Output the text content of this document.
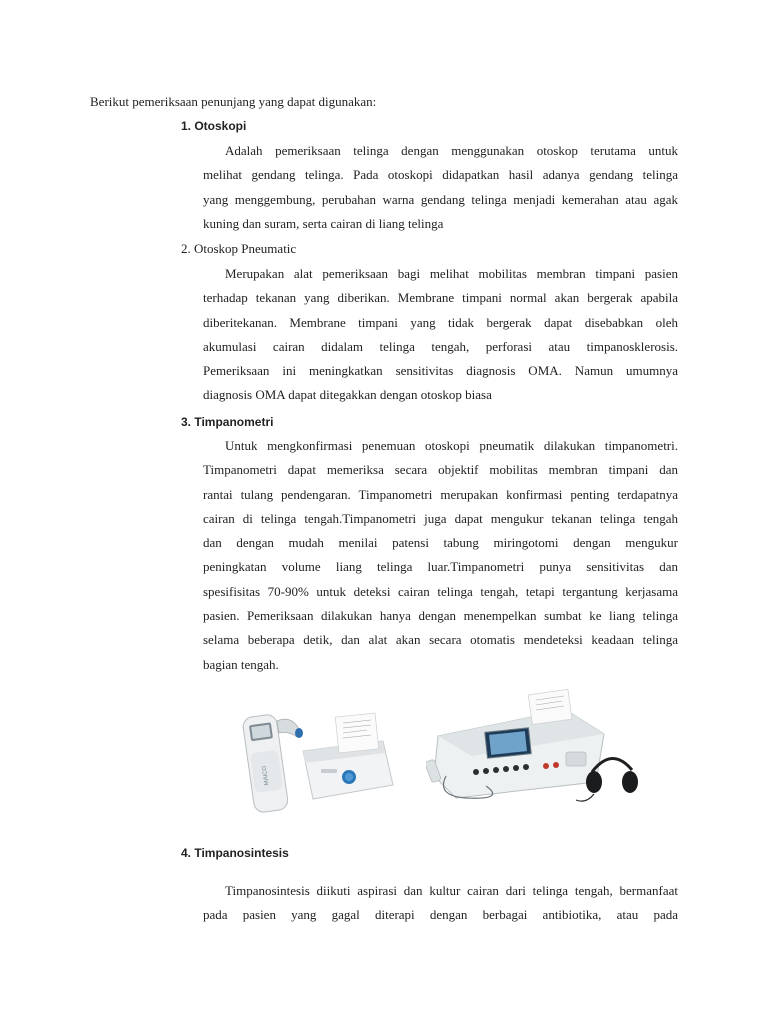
Berikut pemeriksaan penunjang yang dapat digunakan:
1. Otoskopi
Adalah pemeriksaan telinga dengan menggunakan otoskop terutama untuk
melihat gendang telinga. Pada otoskopi didapatkan hasil adanya gendang telinga
yang menggembung, perubahan warna gendang telinga menjadi kemerahan atau agak
kuning dan suram, serta cairan di liang telinga
2. Otoskop Pneumatic
Merupakan alat pemeriksaan bagi melihat mobilitas membran timpani pasien
terhadap tekanan yang diberikan. Membrane timpani normal akan bergerak apabila
diberitekanan. Membrane timpani yang tidak bergerak dapat disebabkan oleh
akumulasi cairan didalam telinga tengah, perforasi atau timpanosklerosis.
Pemeriksaan ini meningkatkan sensitivitas diagnosis OMA. Namun umumnya
diagnosis OMA dapat ditegakkan dengan otoskop biasa
3. Timpanometri
Untuk mengkonfirmasi penemuan otoskopi pneumatik dilakukan timpanometri.
Timpanometri dapat memeriksa secara objektif mobilitas membran timpani dan
rantai tulang pendengaran. Timpanometri merupakan konfirmasi penting terdapatnya
cairan di telinga tengah.Timpanometri juga dapat mengukur tekanan telinga tengah
dan dengan mudah menilai patensi tabung miringotomi dengan mengukur
peningkatan volume liang telinga luar.Timpanometri punya sensitivitas dan
spesifisitas 70-90% untuk deteksi cairan telinga tengah, tetapi tergantung kerjasama
pasien. Pemeriksaan dilakukan hanya dengan menempelkan sumbat ke liang telinga
selama beberapa detik, dan alat akan secara otomatis mendeteksi keadaan telinga
bagian tengah.
MAICO
4. Timpanosintesis
Timpanosintesis diikuti aspirasi dan kultur cairan dari telinga tengah, bermanfaat
pada pasien yang gagal diterapi dengan berbagai antibiotika, atau pada
